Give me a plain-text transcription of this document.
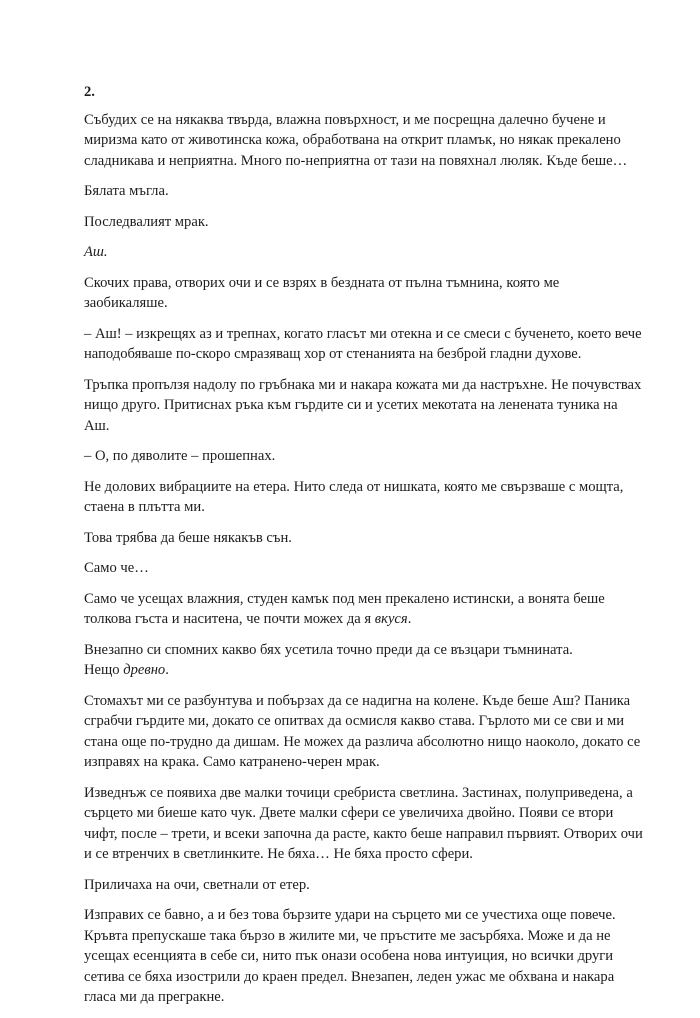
2.

Събудих се на някаква твърда, влажна повърхност, и ме посрещна далечно бучене и миризма като от животинска кожа, обработвана на открит пламък, но някак прекалено сладникава и неприятна. Много по-неприятна от тази на повяхнал люляк. Къде беше…

Бялата мъгла.

Последвалият мрак.

Аш.

Скочих права, отворих очи и се взрях в бездната от пълна тъмнина, която ме заобикаляше.

– Аш! – изкрещях аз и трепнах, когато гласът ми отекна и се смеси с бученето, което вече наподобяваше по-скоро смразяващ хор от стенанията на безброй гладни духове.

Тръпка пропълзя надолу по гръбнака ми и накара кожата ми да настръхне. Не почувствах нищо друго. Притиснах ръка към гърдите си и усетих мекотата на ленената туника на Аш.

– О, по дяволите – прошепнах.

Не долових вибрациите на етера. Нито следа от нишката, която ме свързваше с мощта, стаена в плътта ми.

Това трябва да беше някакъв сън.

Само че…

Само че усещах влажния, студен камък под мен прекалено истински, а вонята беше толкова гъста и наситена, че почти можех да я вкуся.

Внезапно си спомних какво бях усетила точно преди да се възцари тъмнината.
Нещо древно.

Стомахът ми се разбунтува и побързах да се надигна на колене. Къде беше Аш? Паника сграбчи гърдите ми, докато се опитвах да осмисля какво става. Гърлото ми се сви и ми стана още по-трудно да дишам. Не можех да различа абсолютно нищо наоколо, докато се изправях на крака. Само катранено-черен мрак.

Изведнъж се появиха две малки точици сребриста светлина. Застинах, полуприведена, а сърцето ми биеше като чук. Двете малки сфери се увеличиха двойно. Появи се втори чифт, после – трети, и всеки започна да расте, както беше направил първият. Отворих очи и се втренчих в светлинките. Не бяха… Не бяха просто сфери.

Приличаха на очи, светнали от етер.

Изправих се бавно, а и без това бързите удари на сърцето ми се учестиха още повече. Кръвта препускаше така бързо в жилите ми, че пръстите ме засърбяха. Може и да не усещах есенцията в себе си, нито пък онази особена нова интуиция, но всички други сетива се бяха изострили до краен предел. Внезапен, леден ужас ме обхвана и накара гласа ми да прегракне.
